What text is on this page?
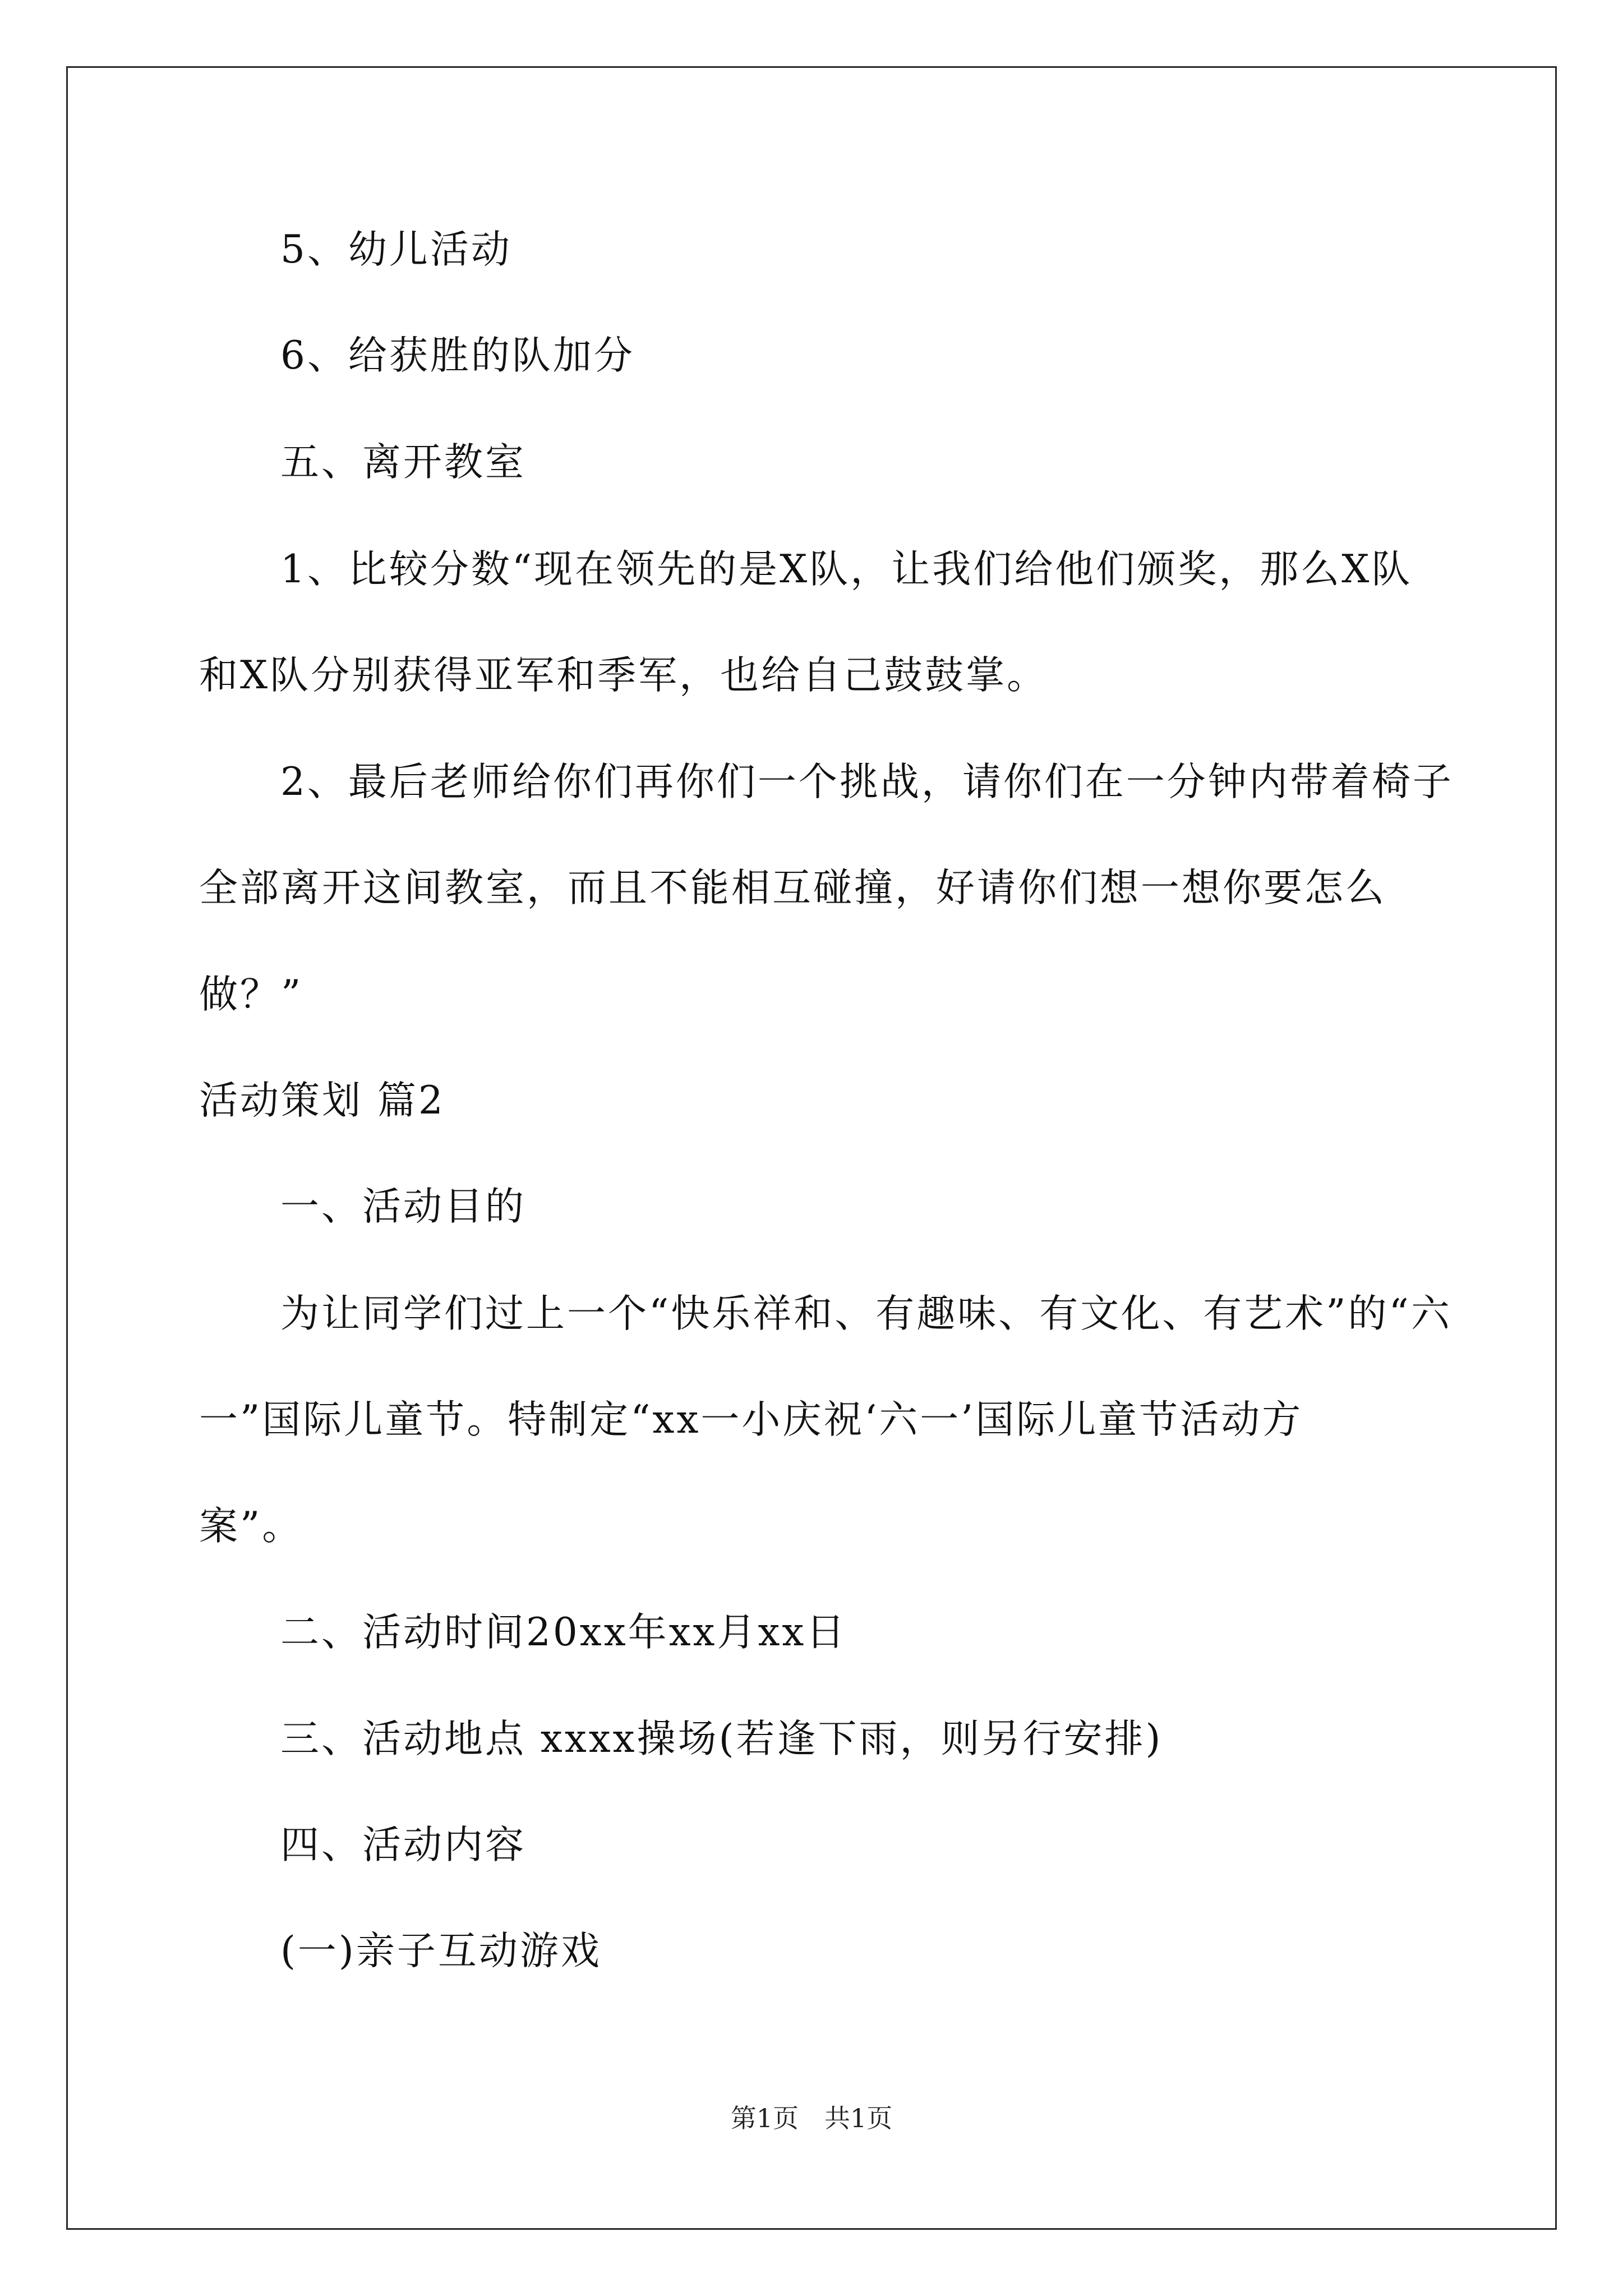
5、幼儿活动
6、给获胜的队加分
五、离开教室
1、比较分数“现在领先的是X队，让我们给他们颁奖，那么X队
和X队分别获得亚军和季军，也给自己鼓鼓掌。
2、最后老师给你们再你们一个挑战，请你们在一分钟内带着椅子
全部离开这间教室，而且不能相互碰撞，好请你们想一想你要怎么
做？”
活动策划 篇2
一、活动目的
为让同学们过上一个“快乐祥和、有趣味、有文化、有艺术”的“六
一”国际儿童节。特制定“xx一小庆祝‘六一’国际儿童节活动方
案”。
二、活动时间20xx年xx月xx日
三、活动地点 xxxx操场(若逢下雨，则另行安排)
四、活动内容
(一)亲子互动游戏
第1页　共1页
